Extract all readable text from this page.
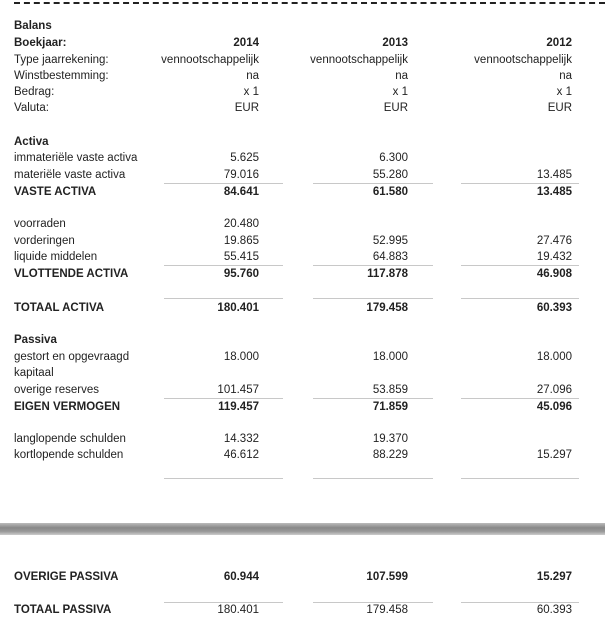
Balans
Boekjaar:	2014	2013	2012
Type jaarrekening:	vennootschappelijk	vennootschappelijk	vennootschappelijk
Winstbestemming:	na	na	na
Bedrag:	x 1	x 1	x 1
Valuta:	EUR	EUR	EUR
Activa
immateriële vaste activa	5.625	6.300
materiële vaste activa	79.016	55.280	13.485
VASTE ACTIVA	84.641	61.580	13.485
voorraden	20.480
vorderingen	19.865	52.995	27.476
liquide middelen	55.415	64.883	19.432
VLOTTENDE ACTIVA	95.760	117.878	46.908
TOTAAL ACTIVA	180.401	179.458	60.393
Passiva
gestort en opgevraagd	18.000	18.000	18.000
kapitaal
overige reserves	101.457	53.859	27.096
EIGEN VERMOGEN	119.457	71.859	45.096
langlopende schulden	14.332	19.370
kortlopende schulden	46.612	88.229	15.297
OVERIGE PASSIVA	60.944	107.599	15.297
TOTAAL PASSIVA	180.401	179.458	60.393
